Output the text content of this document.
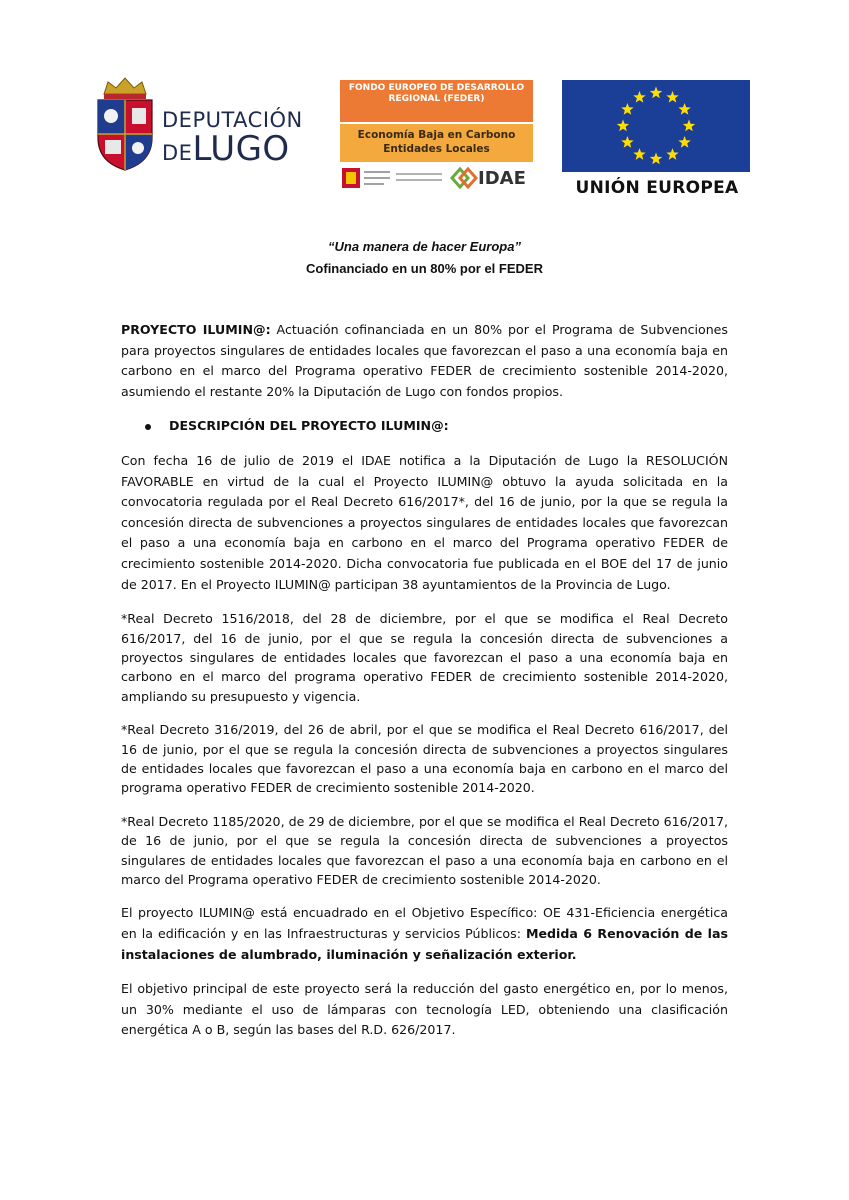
DEPUTACIÓN
DELUGO
FONDO EUROPEO DE DESARROLLO REGIONAL (FEDER)
Economía Baja en Carbono Entidades Locales
IDAE	UNIÓN EUROPEA
“Una manera de hacer Europa”
Cofinanciado en un 80% por el FEDER

PROYECTO ILUMIN@: Actuación cofinanciada en un 80% por el Programa de Subvenciones para proyectos singulares de entidades locales que favorezcan el paso a una economía baja en carbono en el marco del Programa operativo FEDER de crecimiento sostenible 2014-2020, asumiendo el restante 20% la Diputación de Lugo con fondos propios.

DESCRIPCIÓN DEL PROYECTO ILUMIN@:

Con fecha 16 de julio de 2019 el IDAE notifica a la Diputación de Lugo la RESOLUCIÓN FAVORABLE en virtud de la cual el Proyecto ILUMIN@ obtuvo la ayuda solicitada en la convocatoria regulada por el Real Decreto 616/2017*, del 16 de junio, por la que se regula la concesión directa de subvenciones a proyectos singulares de entidades locales que favorezcan el paso a una economía baja en carbono en el marco del Programa operativo FEDER de crecimiento sostenible 2014-2020. Dicha convocatoria fue publicada en el BOE del 17 de junio de 2017. En el Proyecto ILUMIN@ participan 38 ayuntamientos de la Provincia de Lugo.

*Real Decreto 1516/2018, del 28 de diciembre, por el que se modifica el Real Decreto 616/2017, del 16 de junio, por el que se regula la concesión directa de subvenciones a proyectos singulares de entidades locales que favorezcan el paso a una economía baja en carbono en el marco del programa operativo FEDER de crecimiento sostenible 2014-2020, ampliando su presupuesto y vigencia.

*Real Decreto 316/2019, del 26 de abril, por el que se modifica el Real Decreto 616/2017, del 16 de junio, por el que se regula la concesión directa de subvenciones a proyectos singulares de entidades locales que favorezcan el paso a una economía baja en carbono en el marco del programa operativo FEDER de crecimiento sostenible 2014-2020.

*Real Decreto 1185/2020, de 29 de diciembre, por el que se modifica el Real Decreto 616/2017, de 16 de junio, por el que se regula la concesión directa de subvenciones a proyectos singulares de entidades locales que favorezcan el paso a una economía baja en carbono en el marco del Programa operativo FEDER de crecimiento sostenible 2014-2020.

El proyecto ILUMIN@ está encuadrado en el Objetivo Específico: OE 431-Eficiencia energética en la edificación y en las Infraestructuras y servicios Públicos: Medida 6 Renovación de las instalaciones de alumbrado, iluminación y señalización exterior.

El objetivo principal de este proyecto será la reducción del gasto energético en, por lo menos, un 30% mediante el uso de lámparas con tecnología LED, obteniendo una clasificación energética A o B, según las bases del R.D. 626/2017.
